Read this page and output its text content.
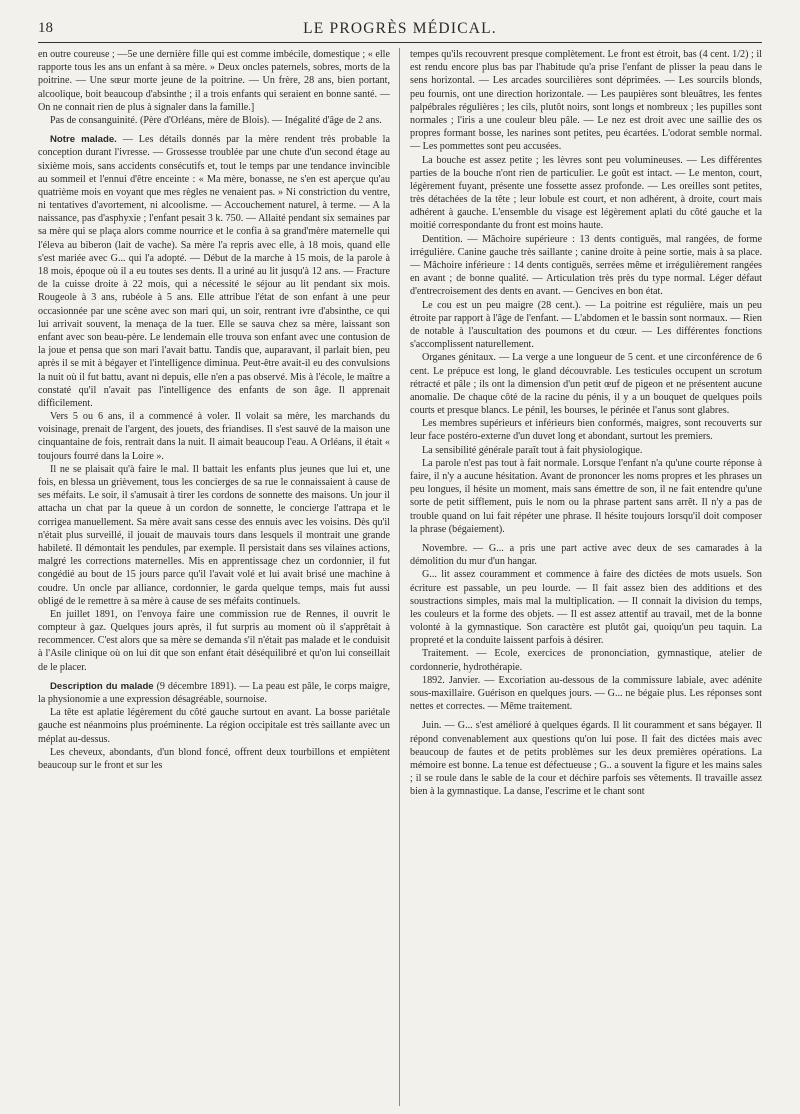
18	LE PROGRÈS MÉDICAL.

en outre coureuse ; —5e une dernière fille qui est comme imbécile, domestique ; « elle rapporte tous les ans un enfant à sa mère. » Deux oncles paternels, sobres, morts de la poitrine. — Une sœur morte jeune de la poitrine. — Un frère, 28 ans, bien portant, alcoolique, boit beaucoup d'absinthe ; il a trois enfants qui seraient en bonne santé. — On ne connait rien de plus à signaler dans la famille.]

Pas de consanguinité. (Père d'Orléans, mère de Blois). — Inégalité d'âge de 2 ans.

Notre malade. — Les détails donnés par la mère rendent très probable la conception durant l'ivresse. — Grossesse troublée par une chute d'un second étage au sixième mois, sans accidents consécutifs et, tout le temps par une tendance invincible au sommeil et l'ennui d'être enceinte : « Ma mère, bonasse, ne s'en est aperçue qu'au quatrième mois en voyant que mes règles ne venaient pas. » Ni constriction du ventre, ni tentatives d'avortement, ni alcoolisme. — Accouchement naturel, à terme. — A la naissance, pas d'asphyxie ; l'enfant pesait 3 k. 750. — Allaité pendant six semaines par sa mère qui se plaça alors comme nourrice et le confia à sa grand'mère maternelle qui l'éleva au biberon (lait de vache). Sa mère l'a repris avec elle, à 18 mois, quand elle s'est mariée avec G... qui l'a adopté. — Début de la marche à 15 mois, de la parole à 18 mois, époque où il a eu toutes ses dents. Il a uriné au lit jusqu'à 12 ans. — Fracture de la cuisse droite à 22 mois, qui a nécessité le séjour au lit pendant six mois. Rougeole à 3 ans, rubéole à 5 ans. Elle attribue l'état de son enfant à une peur occasionnée par une scène avec son mari qui, un soir, rentrant ivre d'absinthe, ce qui lui arrivait souvent, la menaça de la tuer. Elle se sauva chez sa mère, laissant son enfant avec son beau-père. Le lendemain elle trouva son enfant avec une contusion de la joue et pensa que son mari l'avait battu. Tandis que, auparavant, il parlait bien, peu après il se mit à bégayer et l'intelligence diminua. Peut-être avait-il eu des convulsions la nuit où il fut battu, avant ni depuis, elle n'en a pas observé. Mis à l'école, le maître a constaté qu'il n'avait pas l'intelligence des enfants de son âge. Il apprenait difficilement.

Vers 5 ou 6 ans, il a commencé à voler. Il volait sa mère, les marchands du voisinage, prenait de l'argent, des jouets, des friandises. Il s'est sauvé de la maison une cinquantaine de fois, rentrait dans la nuit. Il aimait beaucoup l'eau. A Orléans, il était « toujours fourré dans la Loire ».

Il ne se plaisait qu'à faire le mal. Il battait les enfants plus jeunes que lui et, une fois, en blessa un grièvement, tous les concierges de sa rue le connaissaient à cause de ses méfaits. Le soir, il s'amusait à tirer les cordons de sonnette des maisons. Un jour il attacha un chat par la queue à un cordon de sonnette, le concierge l'attrapa et le corrigea manuellement. Sa mère avait sans cesse des ennuis avec les voisins. Dès qu'il n'était plus surveillé, il jouait de mauvais tours dans lesquels il montrait une grande habileté. Il démontait les pendules, par exemple. Il persistait dans ses vilaines actions, malgré les corrections maternelles. Mis en apprentissage chez un cordonnier, il fut congédié au bout de 15 jours parce qu'il l'avait volé et lui avait brisé une machine à coudre. Un oncle par alliance, cordonnier, le garda quelque temps, mais fut aussi obligé de le remettre à sa mère à cause de ses méfaits continuels.

En juillet 1891, on l'envoya faire une commission rue de Rennes, il ouvrit le compteur à gaz. Quelques jours après, il fut surpris au moment où il s'apprêtait à recommencer. C'est alors que sa mère se demanda s'il n'était pas malade et le conduisit à l'Asile clinique où on lui dit que son enfant était déséquilibré et qu'on lui conseillait de le placer.

Description du malade (9 décembre 1891). — La peau est pâle, le corps maigre, la physionomie a une expression désagréable, sournoise.

La tête est aplatie légèrement du côté gauche surtout en avant. La bosse pariétale gauche est néanmoins plus proéminente. La région occipitale est très saillante avec un méplat au-dessus.

Les cheveux, abondants, d'un blond foncé, offrent deux tourbillons et empiètent beaucoup sur le front et sur les

tempes qu'ils recouvrent presque complètement. Le front est étroit, bas (4 cent. 1/2) ; il est rendu encore plus bas par l'habitude qu'a prise l'enfant de plisser la peau dans le sens horizontal. — Les arcades sourcilières sont déprimées. — Les sourcils blonds, peu fournis, ont une direction horizontale. — Les paupières sont bleuâtres, les fentes palpébrales régulières ; les cils, plutôt noirs, sont longs et nombreux ; les pupilles sont normales ; l'iris a une couleur bleu pâle. — Le nez est droit avec une saillie des os propres formant bosse, les narines sont petites, peu écartées. L'odorat semble normal. — Les pommettes sont peu accusées.

La bouche est assez petite ; les lèvres sont peu volumineuses. — Les différentes parties de la bouche n'ont rien de particulier. Le goût est intact. — Le menton, court, légèrement fuyant, présente une fossette assez profonde. — Les oreilles sont petites, très détachées de la tête ; leur lobule est court, et non adhérent, à droite, court mais adhérent à gauche. L'ensemble du visage est légèrement aplati du côté gauche et la moitié correspondante du front est moins haute.

Dentition. — Mâchoire supérieure : 13 dents contiguës, mal rangées, de forme irrégulière. Canine gauche très saillante ; canine droite à peine sortie, mais à sa place. — Mâchoire inférieure : 14 dents contiguës, serrées même et irrégulièrement rangées en avant ; de bonne qualité. — Articulation très près du type normal. Léger défaut d'entrecroisement des dents en avant. — Gencives en bon état.

Le cou est un peu maigre (28 cent.). — La poitrine est régulière, mais un peu étroite par rapport à l'âge de l'enfant. — L'abdomen et le bassin sont normaux. — Rien de notable à l'auscultation des poumons et du cœur. — Les différentes fonctions s'accomplissent naturellement.

Organes génitaux. — La verge a une longueur de 5 cent. et une circonférence de 6 cent. Le prépuce est long, le gland découvrable. Les testicules occupent un scrotum rétracté et pâle ; ils ont la dimension d'un petit œuf de pigeon et ne présentent aucune anomalie. De chaque côté de la racine du pénis, il y a un bouquet de quelques poils courts et presque blancs. Le pénil, les bourses, le périnée et l'anus sont glabres.

Les membres supérieurs et inférieurs bien conformés, maigres, sont recouverts sur leur face postéro-externe d'un duvet long et abondant, surtout les premiers.

La sensibilité générale paraît tout à fait physiologique.

La parole n'est pas tout à fait normale. Lorsque l'enfant n'a qu'une courte réponse à faire, il n'y a aucune hésitation. Avant de prononcer les noms propres et les phrases un peu longues, il hésite un moment, mais sans émettre de son, il ne fait entendre qu'une sorte de petit sifflement, puis le nom ou la phrase partent sans arrêt. Il n'y a pas de trouble quand on lui fait répéter une phrase. Il hésite toujours lorsqu'il doit composer la phrase (bégaiement).

Novembre. — G... a pris une part active avec deux de ses camarades à la démolition du mur d'un hangar.

G... lit assez couramment et commence à faire des dictées de mots usuels. Son écriture est passable, un peu lourde. — Il fait assez bien des additions et des soustractions simples, mais mal la multiplication. — Il connait la division du temps, les couleurs et la forme des objets. — Il est assez attentif au travail, met de la bonne volonté à la gymnastique. Son caractère est plutôt gai, quoiqu'un peu taquin. La propreté et la conduite laissent parfois à désirer.

Traitement. — Ecole, exercices de prononciation, gymnastique, atelier de cordonnerie, hydrothérapie.

1892. Janvier. — Excoriation au-dessous de la commissure labiale, avec adénite sous-maxillaire. Guérison en quelques jours. — G... ne bégaie plus. Les réponses sont nettes et correctes. — Même traitement.

Juin. — G... s'est amélioré à quelques égards. Il lit couramment et sans bégayer. Il répond convenablement aux questions qu'on lui pose. Il fait des dictées mais avec beaucoup de fautes et de petits problèmes sur les deux premières opérations. La mémoire est bonne. La tenue est défectueuse ; G.. a souvent la figure et les mains sales ; il se roule dans le sable de la cour et déchire parfois ses vêtements. Il travaille assez bien à la gymnastique. La danse, l'escrime et le chant sont
